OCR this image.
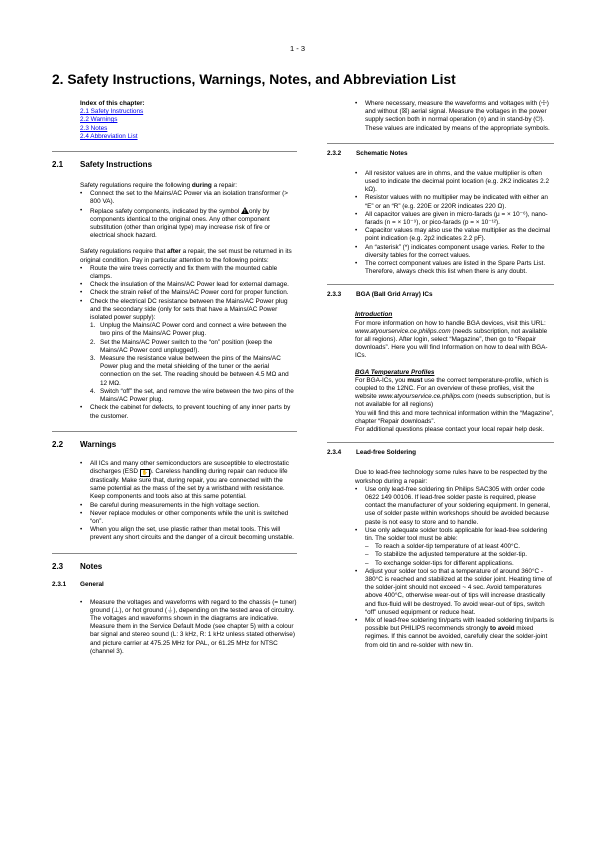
1 - 3
2. Safety Instructions, Warnings, Notes, and Abbreviation List

Index of this chapter:

2.1 Safety Instructions
2.2 Warnings
2.3 Notes
2.4 Abbreviation List
2.1 Safety Instructions

Safety regulations require the following during a repair:

• Connect the set to the Mains/AC Power via an isolation transformer (> 800 VA).
• Replace safety components, indicated by the symbol !only by components identical to the original ones. Any other component substitution (other than original type) may increase risk of fire or electrical shock hazard.

Safety regulations require that after a repair, the set must be returned in its original condition. Pay in particular attention to the following points:

• Route the wire trees correctly and fix them with the mounted cable clamps.
• Check the insulation of the Mains/AC Power lead for external damage.
• Check the strain relief of the Mains/AC Power cord for proper function.
• Check the electrical DC resistance between the Mains/AC Power plug and the secondary side (only for sets that have a Mains/AC Power isolated power supply):
1. Unplug the Mains/AC Power cord and connect a wire between the two pins of the Mains/AC Power plug.
2. Set the Mains/AC Power switch to the “on” position (keep the Mains/AC Power cord unplugged!).
3. Measure the resistance value between the pins of the Mains/AC Power plug and the metal shielding of the tuner or the aerial connection on the set. The reading should be between 4.5 MΩ and 12 MΩ.
4. Switch “off” the set, and remove the wire between the two pins of the Mains/AC Power plug.
• Check the cabinet for defects, to prevent touching of any inner parts by the customer.
2.2 Warnings
• All ICs and many other semiconductors are susceptible to electrostatic discharges (ESD ✋ ). Careless handling during repair can reduce life drastically. Make sure that, during repair, you are connected with the same potential as the mass of the set by a wristband with resistance. Keep components and tools also at this same potential.
• Be careful during measurements in the high voltage section.
• Never replace modules or other components while the unit is switched “on”.
• When you align the set, use plastic rather than metal tools. This will prevent any short circuits and the danger of a circuit becoming unstable.
2.3 Notes
2.3.1 General
• Measure the voltages and waveforms with regard to the chassis (= tuner) ground (⊥), or hot ground (⏚), depending on the tested area of circuitry. The voltages and waveforms shown in the diagrams are indicative. Measure them in the Service Default Mode (see chapter 5) with a colour bar signal and stereo sound (L: 3 kHz, R: 1 kHz unless stated otherwise) and picture carrier at 475.25 MHz for PAL, or 61.25 MHz for NTSC (channel 3).
• Where necessary, measure the waveforms and voltages with (☩) and without (☒) aerial signal. Measure the voltages in the power supply section both in normal operation (⌽) and in stand-by (⏻). These values are indicated by means of the appropriate symbols.
2.3.2 Schematic Notes
• All resistor values are in ohms, and the value multiplier is often used to indicate the decimal point location (e.g. 2K2 indicates 2.2 kΩ).
• Resistor values with no multiplier may be indicated with either an “E” or an “R” (e.g. 220E or 220R indicates 220 Ω).
• All capacitor values are given in micro-farads (μ = × 10⁻⁶), nano-farads (n = × 10⁻⁹), or pico-farads (p = × 10⁻¹²).
• Capacitor values may also use the value multiplier as the decimal point indication (e.g. 2p2 indicates 2.2 pF).
• An “asterisk” (*) indicates component usage varies. Refer to the diversity tables for the correct values.
• The correct component values are listed in the Spare Parts List. Therefore, always check this list when there is any doubt.
2.3.3 BGA (Ball Grid Array) ICs

Introduction

For more information on how to handle BGA devices, visit this URL: www.atyourservice.ce.philips.com (needs subscription, not available for all regions). After login, select “Magazine”, then go to “Repair downloads”. Here you will find Information on how to deal with BGA-ICs.

BGA Temperature Profiles

For BGA-ICs, you must use the correct temperature-profile, which is coupled to the 12NC. For an overview of these profiles, visit the website www.atyourservice.ce.philips.com (needs subscription, but is not available for all regions)

You will find this and more technical information within the “Magazine”, chapter “Repair downloads”.

For additional questions please contact your local repair help desk.

2.3.4 Lead-free Soldering

Due to lead-free technology some rules have to be respected by the workshop during a repair:

• Use only lead-free soldering tin Philips SAC305 with order code 0622 149 00106. If lead-free solder paste is required, please contact the manufacturer of your soldering equipment. In general, use of solder paste within workshops should be avoided because paste is not easy to store and to handle.
• Use only adequate solder tools applicable for lead-free soldering tin. The solder tool must be able:
– To reach a solder-tip temperature of at least 400°C.
– To stabilize the adjusted temperature at the solder-tip.
– To exchange solder-tips for different applications.
• Adjust your solder tool so that a temperature of around 360°C - 380°C is reached and stabilized at the solder joint. Heating time of the solder-joint should not exceed ~ 4 sec. Avoid temperatures above 400°C, otherwise wear-out of tips will increase drastically and flux-fluid will be destroyed. To avoid wear-out of tips, switch “off” unused equipment or reduce heat.
• Mix of lead-free soldering tin/parts with leaded soldering tin/parts is possible but PHILIPS recommends strongly to avoid mixed regimes. If this cannot be avoided, carefully clear the solder-joint from old tin and re-solder with new tin.
